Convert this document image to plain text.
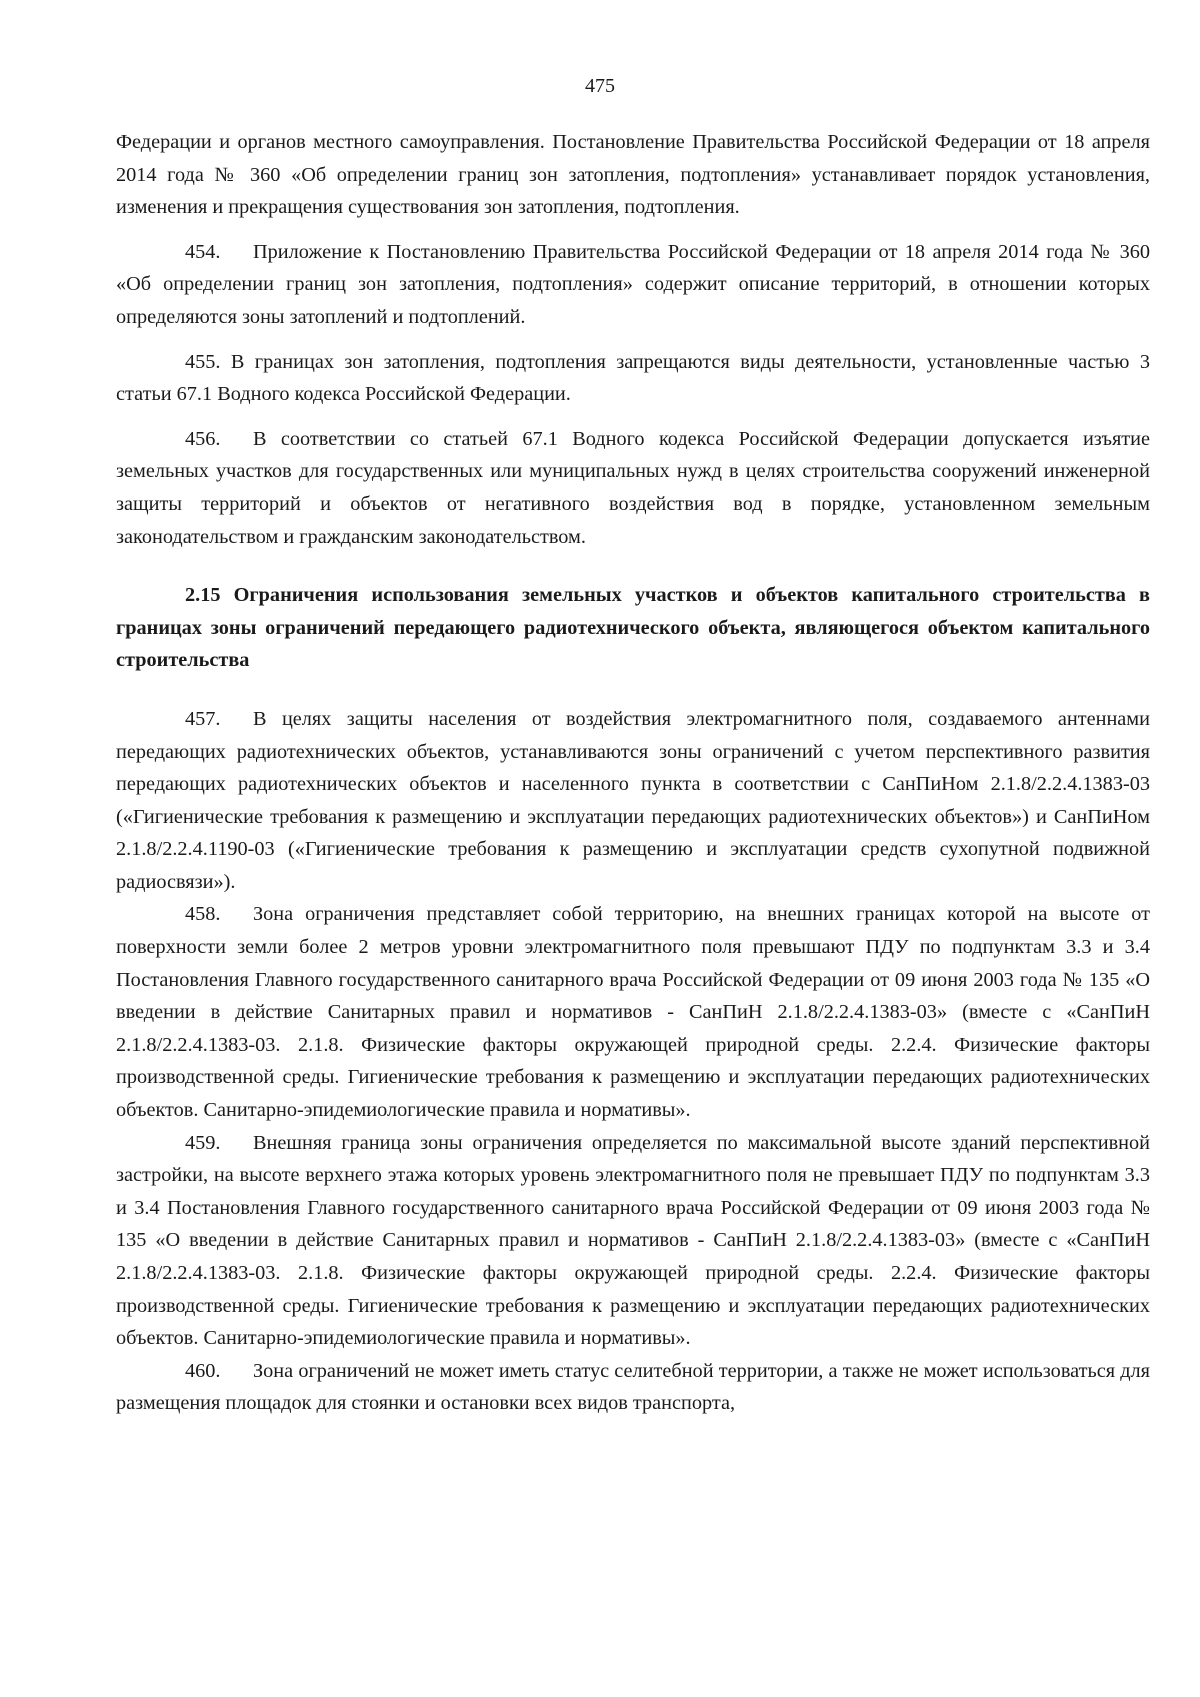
475

Федерации и органов местного самоуправления. Постановление Правительства Российской Федерации от 18 апреля 2014 года № 360 «Об определении границ зон затопления, подтопления» устанавливает порядок установления, изменения и прекращения существования зон затопления, подтопления.

454. Приложение к Постановлению Правительства Российской Федерации от 18 апреля 2014 года № 360 «Об определении границ зон затопления, подтопления» содержит описание территорий, в отношении которых определяются зоны затоплений и подтоплений.

455. В границах зон затопления, подтопления запрещаются виды деятельности, установленные частью 3 статьи 67.1 Водного кодекса Российской Федерации.

456. В соответствии со статьей 67.1 Водного кодекса Российской Федерации допускается изъятие земельных участков для государственных или муниципальных нужд в целях строительства сооружений инженерной защиты территорий и объектов от негативного воздействия вод в порядке, установленном земельным законодательством и гражданским законодательством.

2.15 Ограничения использования земельных участков и объектов капитального строительства в границах зоны ограничений передающего радиотехнического объекта, являющегося объектом капитального строительства

457. В целях защиты населения от воздействия электромагнитного поля, создаваемого антеннами передающих радиотехнических объектов, устанавливаются зоны ограничений с учетом перспективного развития передающих радиотехнических объектов и населенного пункта в соответствии с СанПиНом 2.1.8/2.2.4.1383-03 («Гигиенические требования к размещению и эксплуатации передающих радиотехнических объектов») и СанПиНом 2.1.8/2.2.4.1190-03 («Гигиенические требования к размещению и эксплуатации средств сухопутной подвижной радиосвязи»).

458. Зона ограничения представляет собой территорию, на внешних границах которой на высоте от поверхности земли более 2 метров уровни электромагнитного поля превышают ПДУ по подпунктам 3.3 и 3.4 Постановления Главного государственного санитарного врача Российской Федерации от 09 июня 2003 года № 135 «О введении в действие Санитарных правил и нормативов - СанПиН 2.1.8/2.2.4.1383-03» (вместе с «СанПиН 2.1.8/2.2.4.1383-03. 2.1.8. Физические факторы окружающей природной среды. 2.2.4. Физические факторы производственной среды. Гигиенические требования к размещению и эксплуатации передающих радиотехнических объектов. Санитарно-эпидемиологические правила и нормативы».

459. Внешняя граница зоны ограничения определяется по максимальной высоте зданий перспективной застройки, на высоте верхнего этажа которых уровень электромагнитного поля не превышает ПДУ по подпунктам 3.3 и 3.4 Постановления Главного государственного санитарного врача Российской Федерации от 09 июня 2003 года № 135 «О введении в действие Санитарных правил и нормативов - СанПиН 2.1.8/2.2.4.1383-03» (вместе с «СанПиН 2.1.8/2.2.4.1383-03. 2.1.8. Физические факторы окружающей природной среды. 2.2.4. Физические факторы производственной среды. Гигиенические требования к размещению и эксплуатации передающих радиотехнических объектов. Санитарно-эпидемиологические правила и нормативы».

460. Зона ограничений не может иметь статус селитебной территории, а также не может использоваться для размещения площадок для стоянки и остановки всех видов транспорта,
